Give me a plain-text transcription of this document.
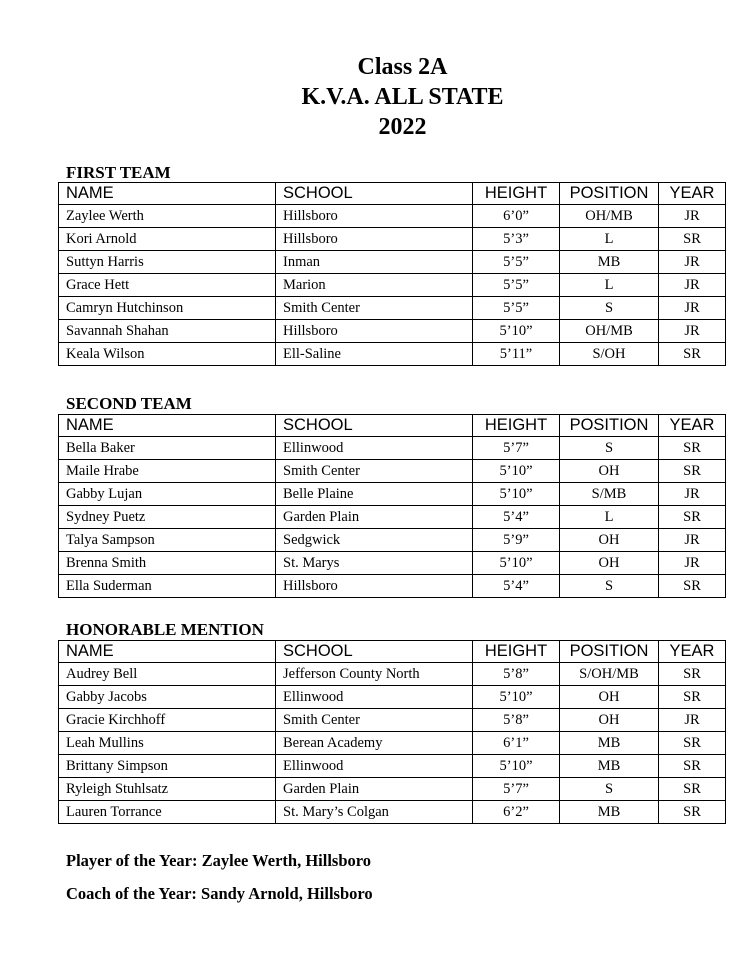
Class 2A
K.V.A. ALL STATE
2022
FIRST TEAM
NAME	SCHOOL	HEIGHT	POSITION	YEAR
Zaylee Werth	Hillsboro	6’0”	OH/MB	JR
Kori Arnold	Hillsboro	5’3”	L	SR
Suttyn Harris	Inman	5’5”	MB	JR
Grace Hett	Marion	5’5”	L	JR
Camryn Hutchinson	Smith Center	5’5”	S	JR
Savannah Shahan	Hillsboro	5’10”	OH/MB	JR
Keala Wilson	Ell-Saline	5’11”	S/OH	SR
SECOND TEAM
NAME	SCHOOL	HEIGHT	POSITION	YEAR
Bella Baker	Ellinwood	5’7”	S	SR
Maile Hrabe	Smith Center	5’10”	OH	SR
Gabby Lujan	Belle Plaine	5’10”	S/MB	JR
Sydney Puetz	Garden Plain	5’4”	L	SR
Talya Sampson	Sedgwick	5’9”	OH	JR
Brenna Smith	St. Marys	5’10”	OH	JR
Ella Suderman	Hillsboro	5’4”	S	SR
HONORABLE MENTION
NAME	SCHOOL	HEIGHT	POSITION	YEAR
Audrey Bell	Jefferson County North	5’8”	S/OH/MB	SR
Gabby Jacobs	Ellinwood	5’10”	OH	SR
Gracie Kirchhoff	Smith Center	5’8”	OH	JR
Leah Mullins	Berean Academy	6’1”	MB	SR
Brittany Simpson	Ellinwood	5’10”	MB	SR
Ryleigh Stuhlsatz	Garden Plain	5’7”	S	SR
Lauren Torrance	St. Mary’s Colgan	6’2”	MB	SR
Player of the Year: Zaylee Werth, Hillsboro
Coach of the Year: Sandy Arnold, Hillsboro
